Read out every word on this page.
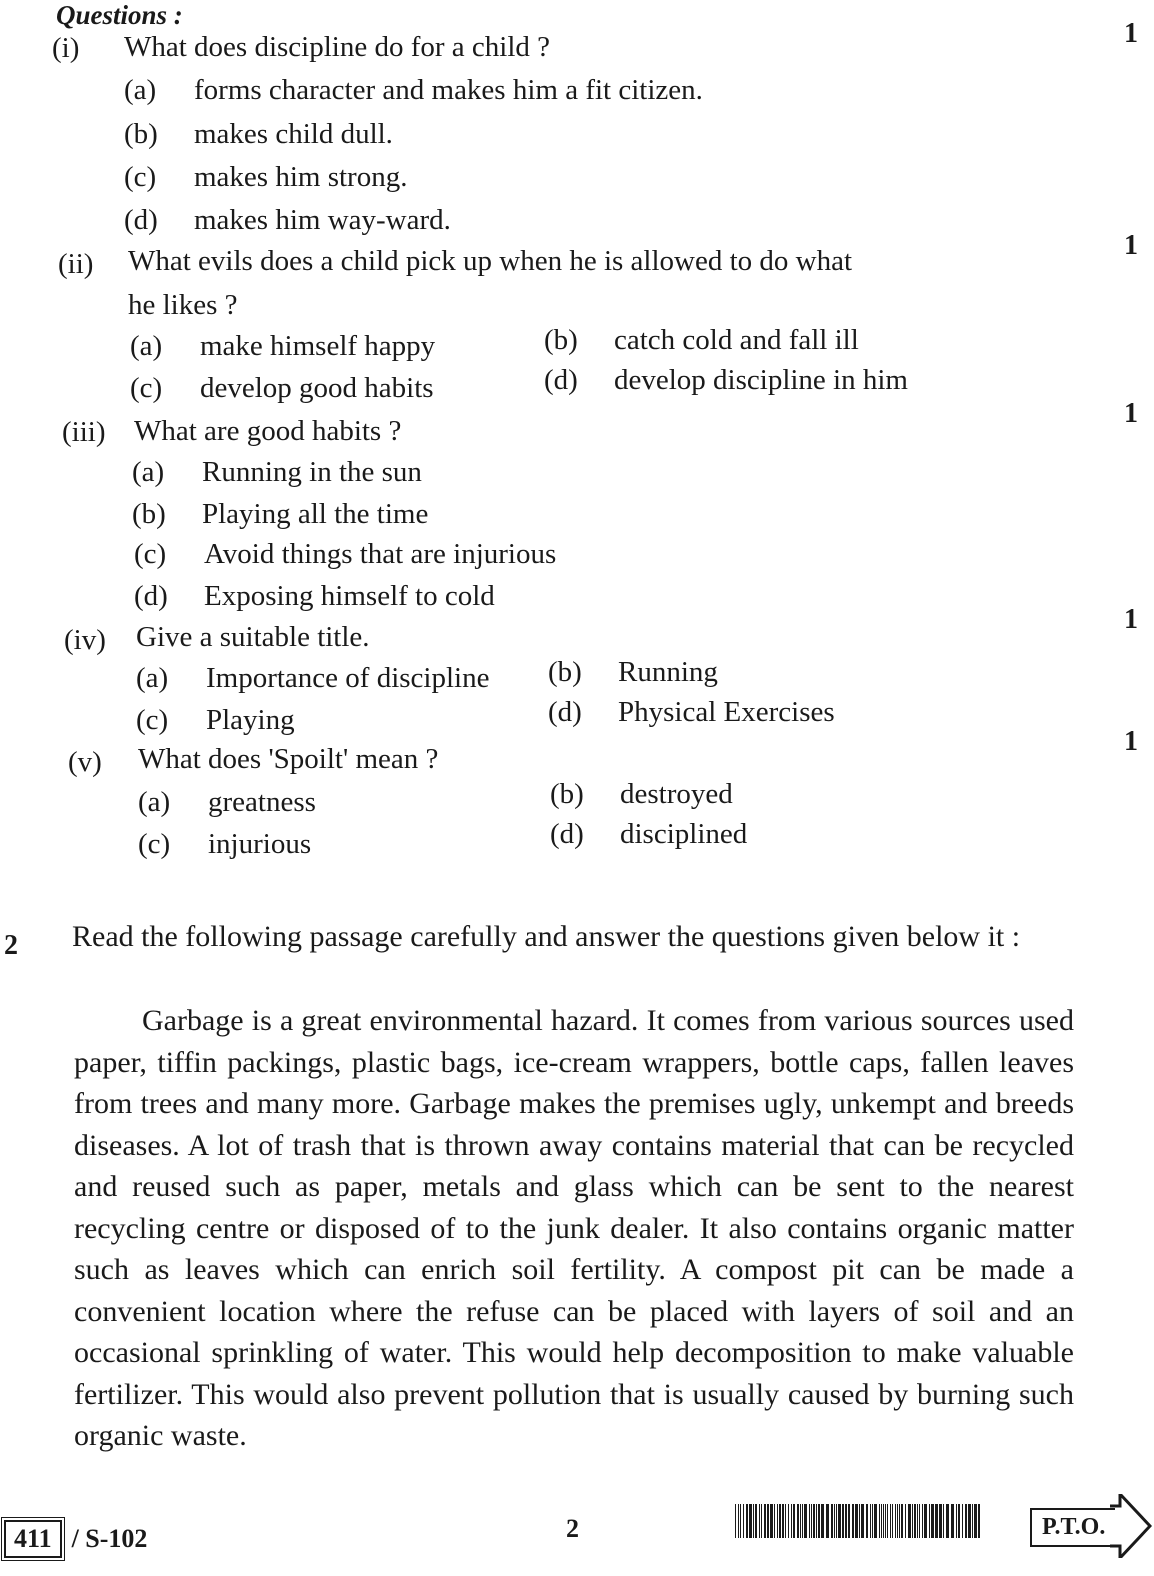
Questions :
(i) What does discipline do for a child ?	1
(a) forms character and makes him a fit citizen.
(b) makes child dull.
(c) makes him strong.
(d) makes him way-ward.
(ii) What evils does a child pick up when he is allowed to do what
he likes ?
1
(a) make himself happy	(b) catch cold and fall ill
(c) develop good habits	(d) develop discipline in him
(iii) What are good habits ?
1
(a) Running in the sun
(b) Playing all the time
(c) Avoid things that are injurious
(d) Exposing himself to cold
(iv) Give a suitable title.
1
(a) Importance of discipline (b) Running
(c) Playing	(d) Physical Exercises
(v) What does 'Spoilt' mean ?
1
(a) greatness	(b) destroyed
(c) injurious	(d) disciplined
2 Read the following passage carefully and answer the questions given below it :

Garbage is a great environmental hazard. It comes from various sources used paper, tiffin packings, plastic bags, ice-cream wrappers, bottle caps, fallen leaves from trees and many more. Garbage makes the premises ugly, unkempt and breeds diseases. A lot of trash that is thrown away contains material that can be recycled and reused such as paper, metals and glass which can be sent to the nearest recycling centre or disposed of to the junk dealer. It also contains organic matter such as leaves which can enrich soil fertility. A compost pit can be made a convenient location where the refuse can be placed with layers of soil and an occasional sprinkling of water. This would help decomposition to make valuable fertilizer. This would also prevent pollution that is usually caused by burning such organic waste.

411 / S-102	2	P.T.O.
